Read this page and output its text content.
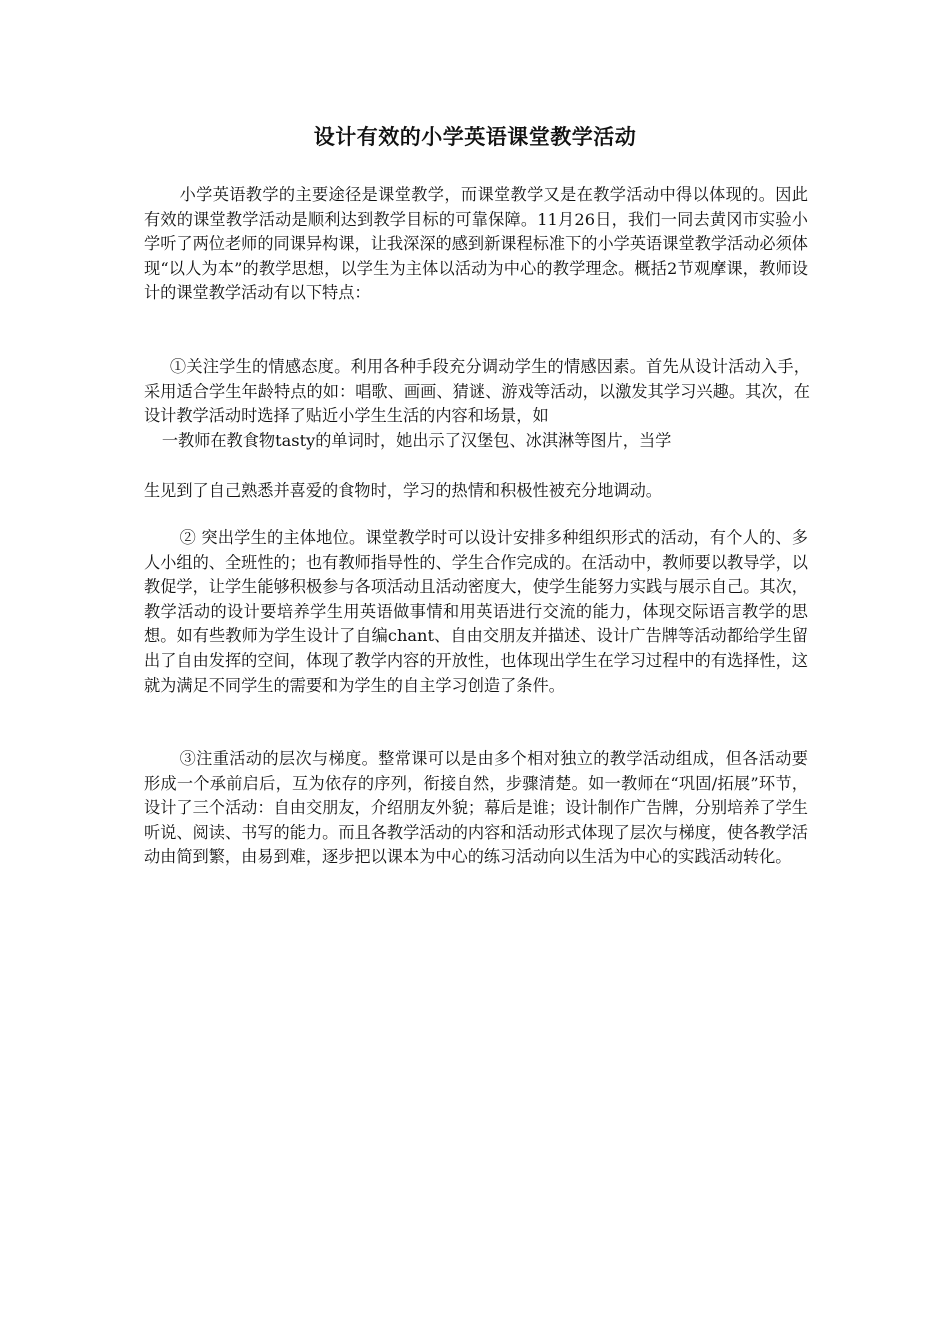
设计有效的小学英语课堂教学活动

小学英语教学的主要途径是课堂教学，而课堂教学又是在教学活动中得以体现的。因此有效的课堂教学活动是顺利达到教学目标的可靠保障。11月26日，我们一同去黄冈市实验小学听了两位老师的同课异构课，让我深深的感到新课程标准下的小学英语课堂教学活动必须体现“以人为本”的教学思想，以学生为主体以活动为中心的教学理念。概括2节观摩课，教师设计的课堂教学活动有以下特点：

①关注学生的情感态度。利用各种手段充分调动学生的情感因素。首先从设计活动入手，采用适合学生年龄特点的如：唱歌、画画、猜谜、游戏等活动，以激发其学习兴趣。其次，在设计教学活动时选择了贴近小学生生活的内容和场景，如
一教师在教食物tasty的单词时，她出示了汉堡包、冰淇淋等图片，当学

生见到了自己熟悉并喜爱的食物时，学习的热情和积极性被充分地调动。

② 突出学生的主体地位。课堂教学时可以设计安排多种组织形式的活动，有个人的、多人小组的、全班性的；也有教师指导性的、学生合作完成的。在活动中，教师要以教导学，以教促学，让学生能够积极参与各项活动且活动密度大，使学生能努力实践与展示自己。其次，教学活动的设计要培养学生用英语做事情和用英语进行交流的能力，体现交际语言教学的思想。如有些教师为学生设计了自编chant、自由交朋友并描述、设计广告牌等活动都给学生留出了自由发挥的空间，体现了教学内容的开放性，也体现出学生在学习过程中的有选择性，这就为满足不同学生的需要和为学生的自主学习创造了条件。

③注重活动的层次与梯度。整常课可以是由多个相对独立的教学活动组成，但各活动要形成一个承前启后，互为依存的序列，衔接自然，步骤清楚。如一教师在“巩固/拓展”环节，设计了三个活动：自由交朋友，介绍朋友外貌；幕后是谁；设计制作广告牌，分别培养了学生听说、阅读、书写的能力。而且各教学活动的内容和活动形式体现了层次与梯度，使各教学活动由简到繁，由易到难，逐步把以课本为中心的练习活动向以生活为中心的实践活动转化。
